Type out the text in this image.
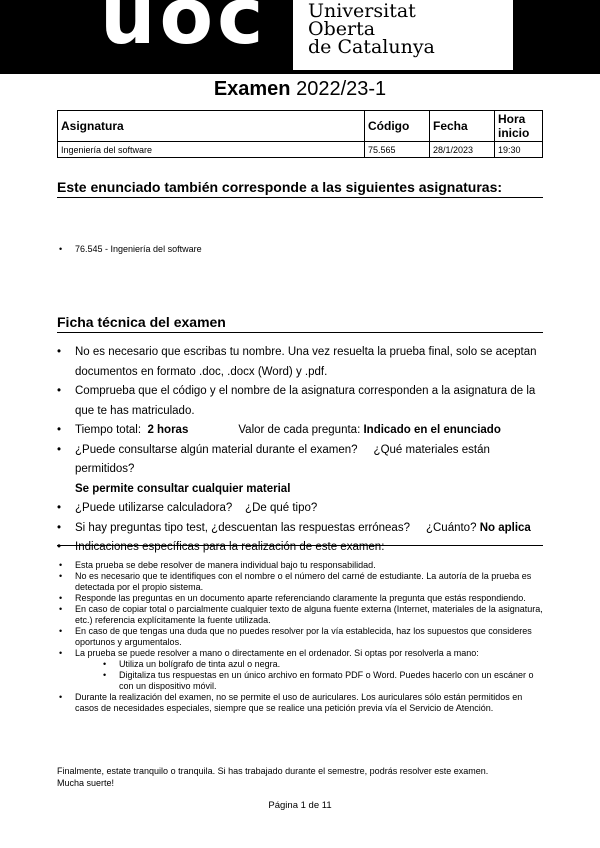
uoc Universitat
Oberta
de Catalunya
Examen 2022/23-1
Asignatura	Código	Fecha	Hora inicio
Ingeniería del software	75.565	28/1/2023	19:30
Este enunciado también corresponde a las siguientes asignaturas:
• 76.545 - Ingeniería del software
Ficha técnica del examen
• No es necesario que escribas tu nombre. Una vez resuelta la prueba final, solo se aceptan documentos en formato .doc, .docx (Word) y .pdf.
• Comprueba que el código y el nombre de la asignatura corresponden a la asignatura de la que te has matriculado.
• Tiempo total: 2 horas	Valor de cada pregunta: Indicado en el enunciado
• ¿Puede consultarse algún material durante el examen? ¿Qué materiales están permitidos?
Se permite consultar cualquier material
• ¿Puede utilizarse calculadora? ¿De qué tipo?
• Si hay preguntas tipo test, ¿descuentan las respuestas erróneas? ¿Cuánto? No aplica
• Indicaciones específicas para la realización de este examen:
• Esta prueba se debe resolver de manera individual bajo tu responsabilidad.
• No es necesario que te identifiques con el nombre o el número del carné de estudiante. La autoría de la prueba es detectada por el propio sistema.
• Responde las preguntas en un documento aparte referenciando claramente la pregunta que estás respondiendo.
• En caso de copiar total o parcialmente cualquier texto de alguna fuente externa (Internet, materiales de la asignatura, etc.) referencia explícitamente la fuente utilizada.
• En caso de que tengas una duda que no puedes resolver por la vía establecida, haz los supuestos que consideres oportunos y argumentalos.
• La prueba se puede resolver a mano o directamente en el ordenador. Si optas por resolverla a mano:
• Utiliza un bolígrafo de tinta azul o negra.
• Digitaliza tus respuestas en un único archivo en formato PDF o Word. Puedes hacerlo con un escáner o con un dispositivo móvil.
• Durante la realización del examen, no se permite el uso de auriculares. Los auriculares sólo están permitidos en casos de necesidades especiales, siempre que se realice una petición previa vía el Servicio de Atención.
Finalmente, estate tranquilo o tranquila. Si has trabajado durante el semestre, podrás resolver este examen.
Mucha suerte!
Página 1 de 11
